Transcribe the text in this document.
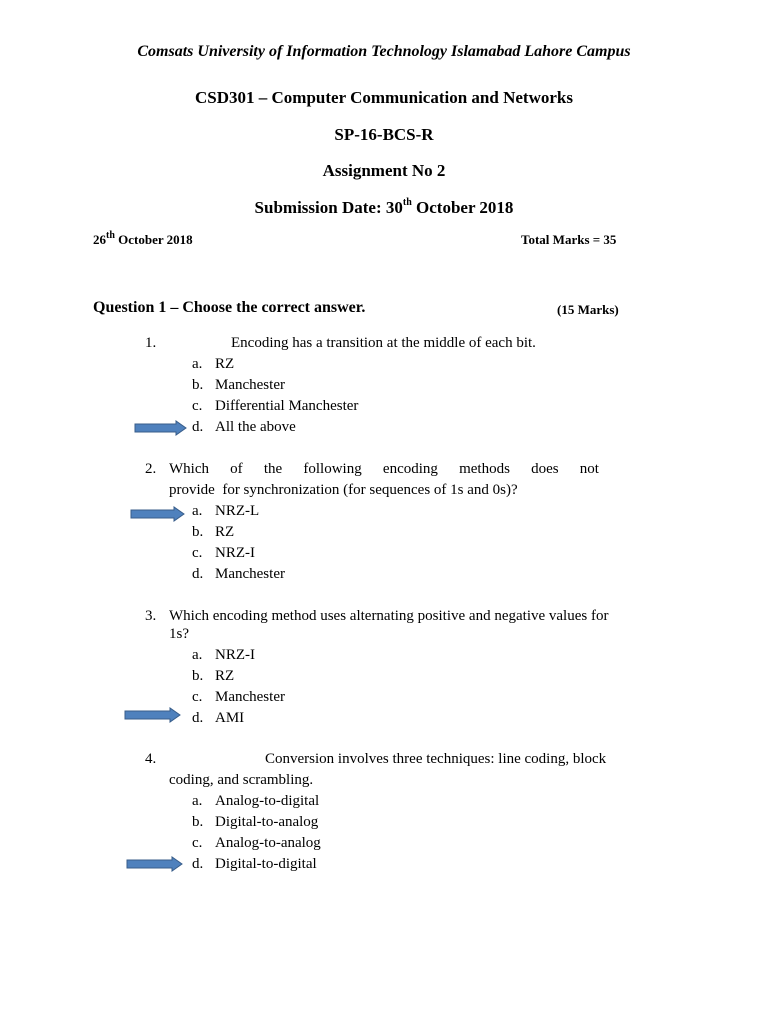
Comsats University of Information Technology Islamabad Lahore Campus
CSD301 – Computer Communication and Networks
SP-16-BCS-R
Assignment No 2
Submission Date: 30th October 2018
26th October 2018	Total Marks = 35
Question 1 – Choose the correct answer.	(15 Marks)
1.	Encoding has a transition at the middle of each bit.
a. RZ
b. Manchester
c. Differential Manchester
d. All the above
2. Which of the following encoding methods does not
provide  for synchronization (for sequences of 1s and 0s)?
a. NRZ-L
b. RZ
c. NRZ-I
d. Manchester
3. Which encoding method uses alternating positive and negative values for
1s?
a. NRZ-I
b. RZ
c. Manchester
d. AMI
4.	Conversion involves three techniques: line coding, block
coding, and scrambling.
a. Analog-to-digital
b. Digital-to-analog
c. Analog-to-analog
d. Digital-to-digital
